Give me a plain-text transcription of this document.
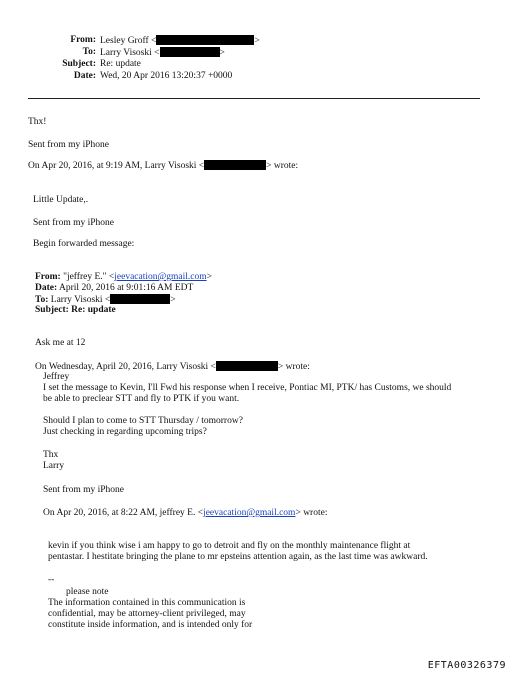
From: Lesley Groff <	>
To: Larry Visoski <	>
Subject: Re: update
Date: Wed, 20 Apr 2016 13:20:37 +0000
Thx!
Sent from my iPhone
On Apr 20, 2016, at 9:19 AM, Larry Visoski <	> wrote:
Little Update,.
Sent from my iPhone
Begin forwarded message:
From: "jeffrey E." <jeevacation@gmail.com>
Date: April 20, 2016 at 9:01:16 AM EDT
To: Larry Visoski <	>
Subject: Re: update
Ask me at 12
On Wednesday, April 20, 2016, Larry Visoski <	> wrote:
Jeffrey
I set the message to Kevin, I'll Fwd his response when I receive, Pontiac MI, PTK/ has Customs, we should
be able to preclear STT and fly to PTK if you want.
Should I plan to come to STT Thursday / tomorrow?
Just checking in regarding upcoming trips?
Thx
Larry
Sent from my iPhone
On Apr 20, 2016, at 8:22 AM, jeffrey E. <jeevacation@gmail.com> wrote:
kevin if you think wise i am happy to go to detroit and fly on the monthly maintenance flight at
pentastar. I hestitate bringing the plane to mr epsteins attention again, as the last time was awkward.
--
please note
The information contained in this communication is
confidential, may be attorney-client privileged, may
constitute inside information, and is intended only for
EFTA00326379
